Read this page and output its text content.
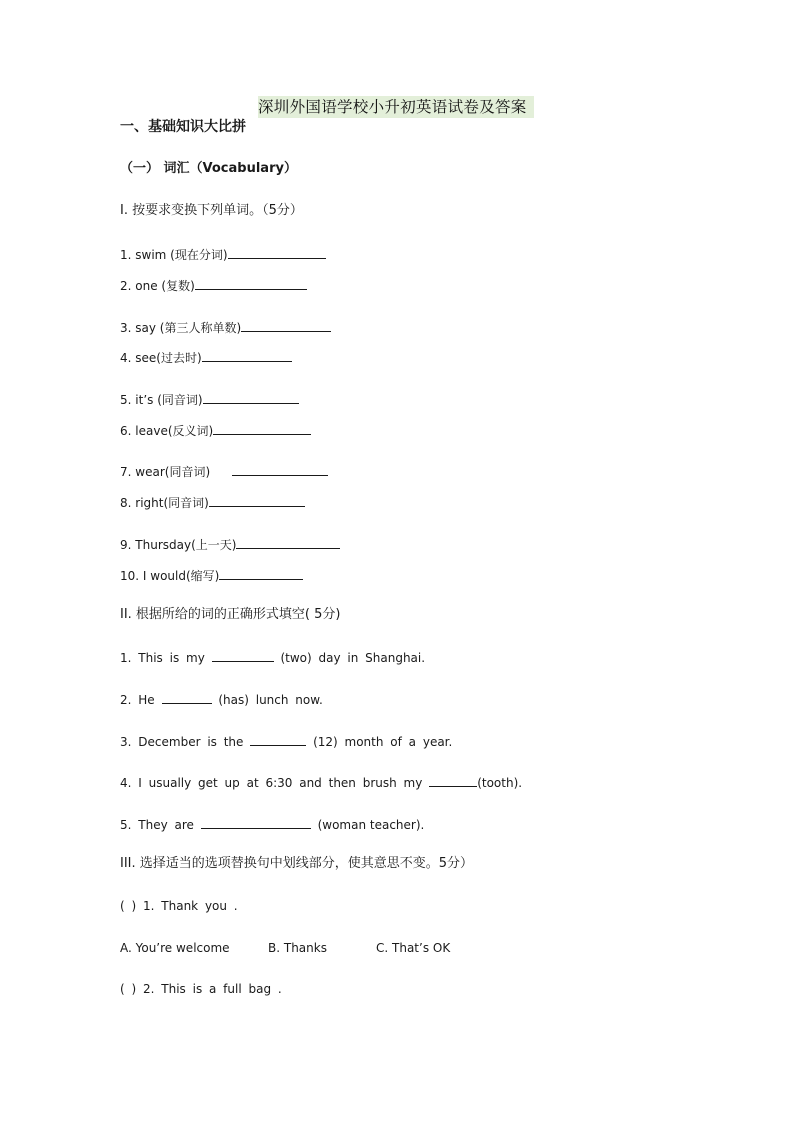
深圳外国语学校小升初英语试卷及答案
一、基础知识大比拼
（一） 词汇（Vocabulary）
Ⅰ. 按要求变换下列单词。（5分）
1. swim (现在分词)
2. one (复数)
3. say (第三人称单数)
4. see(过去时)
5. it’s (同音词)
6. leave(反义词)
7. wear(同音词)
8. right(同音词)
9. Thursday(上一天)
10. I would(缩写)
II. 根据所给的词的正确形式填空( 5分)
1. This is my	(two) day in Shanghai.
2. He	(has) lunch now.
3. December is the	(12) month of a year.
4. I usually get up at 6:30 and then brush my	(tooth).
5. They are	(woman teacher).
III. 选择适当的选项替换句中划线部分，使其意思不变。5分）
( ) 1. Thank you .
A. You’re welcome	B. Thanks	C. That’s OK
( ) 2. This is a full bag .
